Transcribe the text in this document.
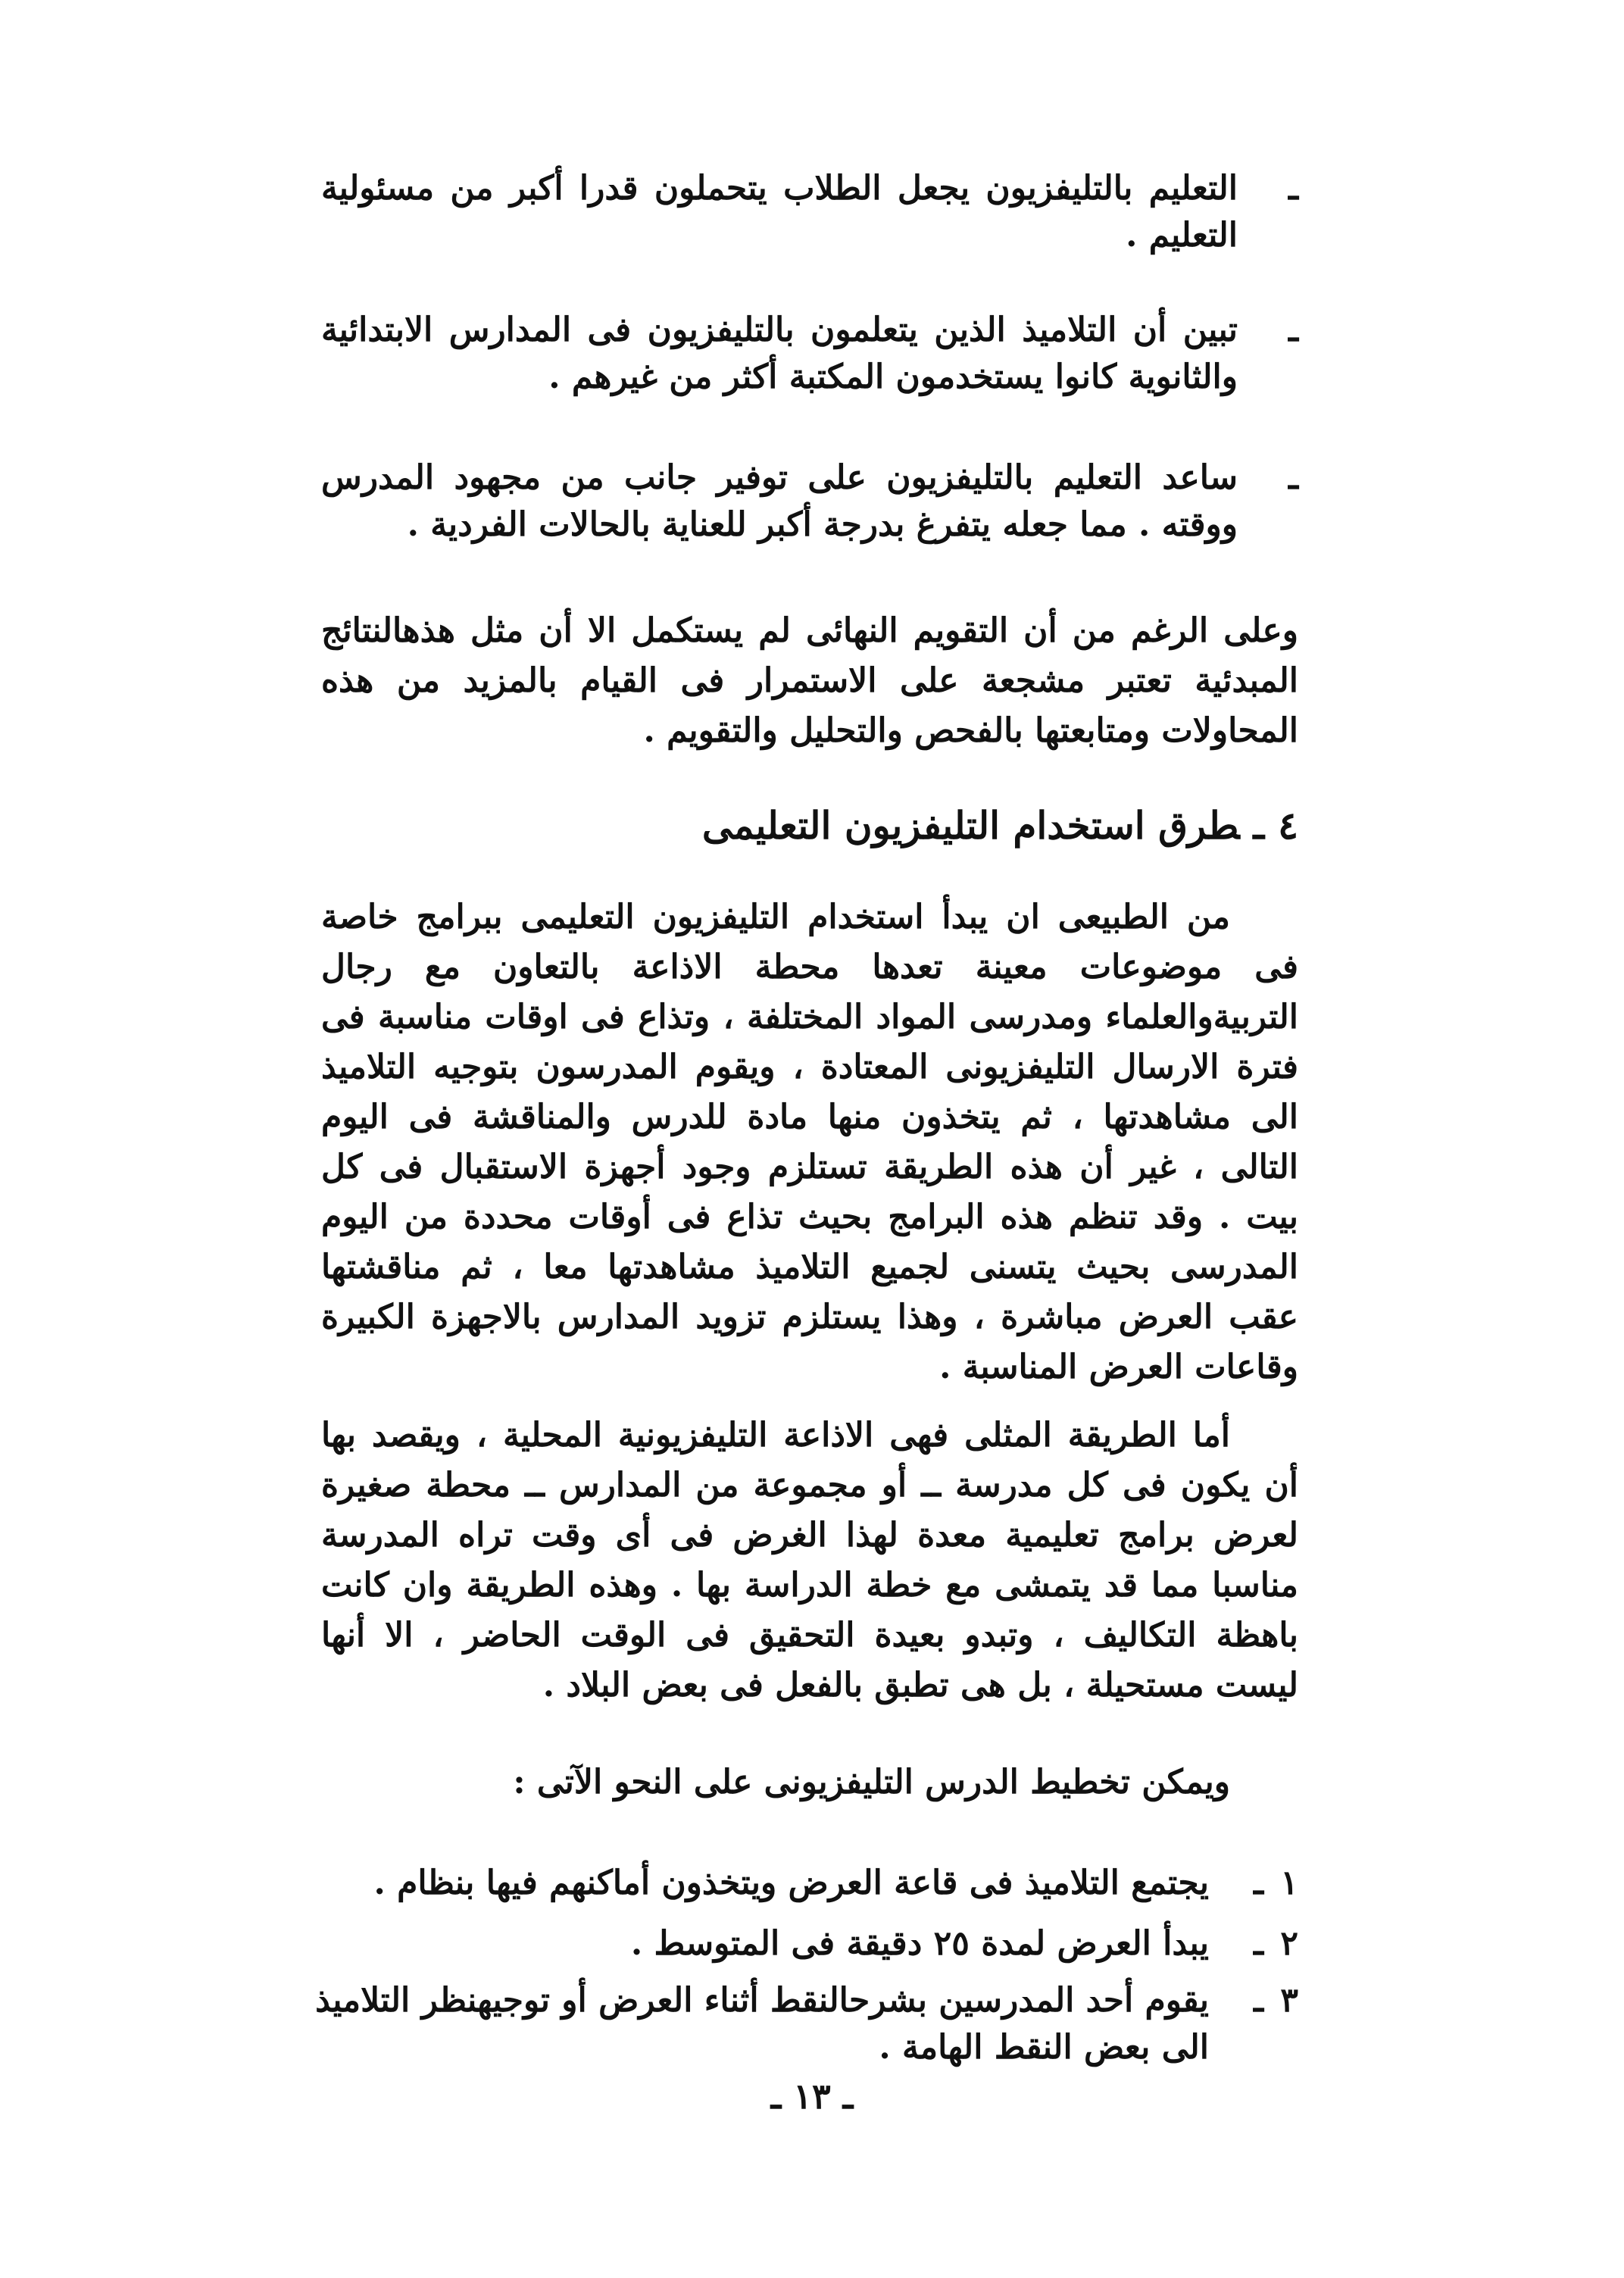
ـ
التعليم بالتليفزيون يجعل الطلاب يتحملون قدرا أكبر من مسئولية التعليم .
ـ
تبين أن التلاميذ الذين يتعلمون بالتليفزيون فى المدارس الابتدائية والثانوية كانوا يستخدمون المكتبة أكثر من غيرهم .
ـ
ساعد التعليم بالتليفزيون على توفير جانب من مجهود المدرس ووقته . مما جعله يتفرغ بدرجة أكبر للعناية بالحالات الفردية .
وعلى الرغم من أن التقويم النهائى لم يستكمل الا أن مثل هذهالنتائج المبدئية تعتبر مشجعة على الاستمرار فى القيام بالمزيد من هذه المحاولات ومتابعتها بالفحص والتحليل والتقويم .
٤ـطرق استخدام التليفزيون التعليمى
من الطبيعى ان يبدأ استخدام التليفزيون التعليمى ببرامج خاصة فى موضوعات معينة تعدها محطة الاذاعة بالتعاون مع رجال التربيةوالعلماء ومدرسى المواد المختلفة ، وتذاع فى اوقات مناسبة فى فترة الارسال التليفزيونى المعتادة ، ويقوم المدرسون بتوجيه التلاميذ الى مشاهدتها ، ثم يتخذون منها مادة للدرس والمناقشة فى اليوم التالى ، غير أن هذه الطريقة تستلزم وجود أجهزة الاستقبال فى كل بيت . وقد تنظم هذه البرامج بحيث تذاع فى أوقات محددة من اليوم المدرسى بحيث يتسنى لجميع التلاميذ مشاهدتها معا ، ثم مناقشتها عقب العرض مباشرة ، وهذا يستلزم تزويد المدارس بالاجهزة الكبيرة وقاعات العرض المناسبة .
أما الطريقة المثلى فهى الاذاعة التليفزيونية المحلية ، ويقصد بها أن يكون فى كل مدرسة ــ أو مجموعة من المدارس ــ محطة صغيرة لعرض برامج تعليمية معدة لهذا الغرض فى أى وقت تراه المدرسة مناسبا مما قد يتمشى مع خطة الدراسة بها . وهذه الطريقة وان كانت باهظة التكاليف ، وتبدو بعيدة التحقيق فى الوقت الحاضر ، الا أنها ليست مستحيلة ، بل هى تطبق بالفعل فى بعض البلاد .
ويمكن تخطيط الدرس التليفزيونى على النحو الآتى :
١
ـ
يجتمع التلاميذ فى قاعة العرض ويتخذون أماكنهم فيها بنظام .
٢
ـ
يبدأ العرض لمدة ٢٥ دقيقة فى المتوسط .
٣
ـ
يقوم أحد المدرسين بشرحالنقط أثناء العرض أو توجيهنظر التلاميذ الى بعض النقط الهامة .
ـ ١٣ ـ
